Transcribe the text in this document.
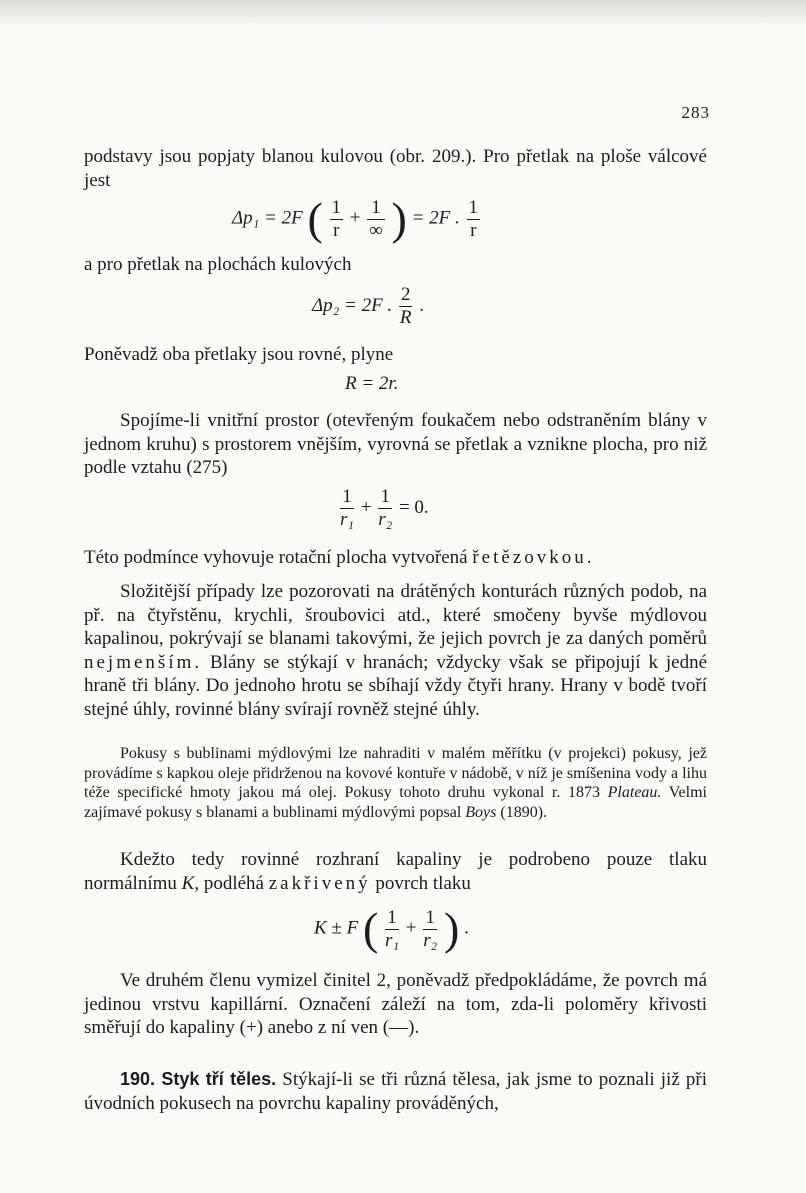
283

podstavy jsou popjaty blanou kulovou (obr. 209.). Pro přetlak na ploše válcové jest

Δp₁ = 2F ( $\frac{1}{r} + \frac{1}{\infty}$ ) = 2F . $\frac{1}{r}$

a pro přetlak na plochách kulových

Δp₂ = 2F . $\frac{2}{R}$ .

Poněvadž oba přetlaky jsou rovné, plyne

R = 2r.

Spojíme-li vnitřní prostor (otevřeným foukačem nebo odstraněním blány v jednom kruhu) s prostorem vnějším, vyrovná se přetlak a vznikne plocha, pro niž podle vztahu (275)

$\frac{1}{\text{r₁}} + \frac{1}{\text{r₂}} = 0$.

Této podmínce vyhovuje rotační plocha vytvořená řetězovkou.

Složitější případy lze pozorovati na drátěných konturách různých podob, na př. na čtyřstěnu, krychli, šroubovici atd., které smočeny byvše mýdlovou kapalinou, pokrývají se blanami takovými, že jejich povrch je za daných poměrů nejmenším. Blány se stýkají v hranách; vždycky však se připojují k jedné hraně tři blány. Do jednoho hrotu se sbíhají vždy čtyři hrany. Hrany v bodě tvoří stejné úhly, rovinné blány svírají rovněž stejné úhly.

Pokusy s bublinami mýdlovými lze nahraditi v malém měřítku (v projekci) pokusy, jež provádíme s kapkou oleje přidrženou na kovové kontuře v nádobě, v níž je smíšenina vody a lihu téže specifické hmoty jakou má olej. Pokusy tohoto druhu vykonal r. 1873 Plateau. Velmi zajímavé pokusy s blanami a bublinami mýdlovými popsal Boys (1890).

Kdežto tedy rovinné rozhraní kapaliny je podrobeno pouze tlaku normálnímu K, podléhá zakřivený povrch tlaku

K ± F ( $\frac{1}{\text{r₁}} + \frac{1}{\text{r₂}}$ ) .

Ve druhém členu vymizel činitel 2, poněvadž předpokládáme, že povrch má jedinou vrstvu kapillární. Označení záleží na tom, zda-li poloměry křivosti směřují do kapaliny (+) anebo z ní ven (—).

190. Styk tří těles. Stýkají-li se tři různá tělesa, jak jsme to poznali již při úvodních pokusech na povrchu kapaliny prováděných,
